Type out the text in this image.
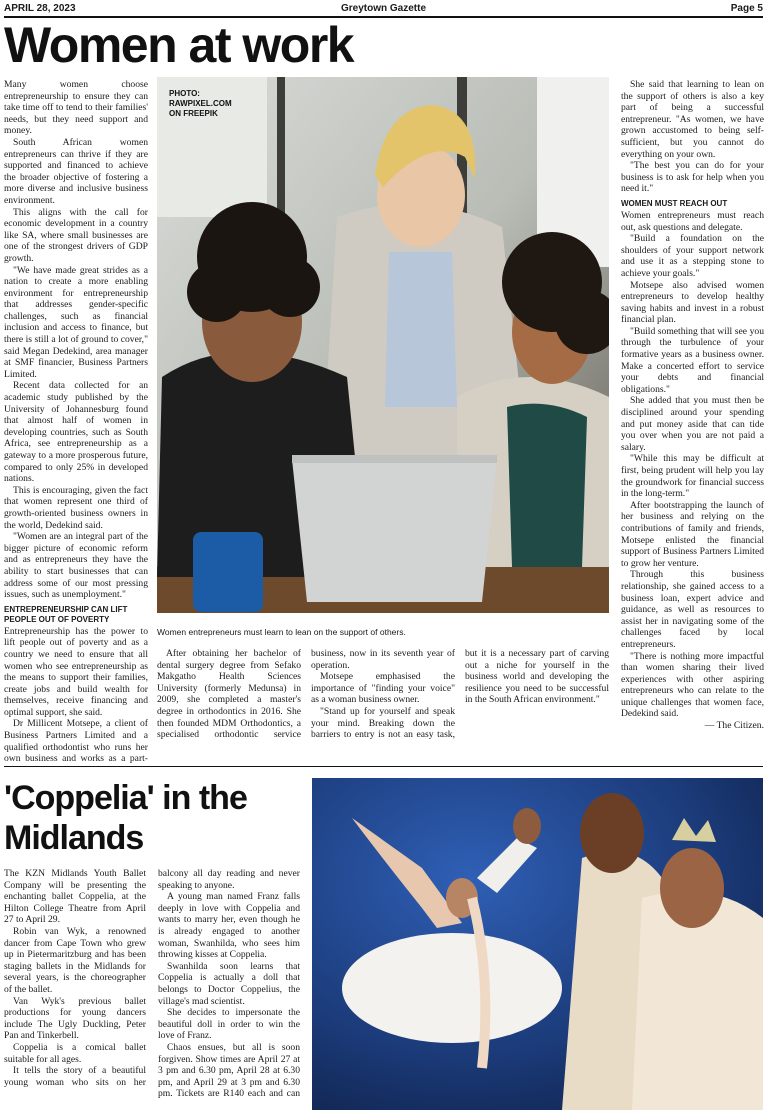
APRIL 28, 2023	Greytown Gazette	Page 5
Women at work
PHOTO:
RAWPIXEL.COM
ON FREEPIK
Women entrepreneurs must learn to lean on the support of others.

Many women choose entrepreneurship to ensure they can take time off to tend to their families' needs, but they need support and money.

South African women entrepreneurs can thrive if they are supported and financed to achieve the broader objective of fostering a more diverse and inclusive business environment.

This aligns with the call for economic development in a country like SA, where small businesses are one of the strongest drivers of GDP growth.

"We have made great strides as a nation to create a more enabling environment for entrepreneurship that addresses gender-specific challenges, such as financial inclusion and access to finance, but there is still a lot of ground to cover," said Megan Dedekind, area manager at SMF financier, Business Partners Limited.

Recent data collected for an academic study published by the University of Johannesburg found that almost half of women in developing countries, such as South Africa, see entrepreneurship as a gateway to a more prosperous future, compared to only 25% in developed nations.

This is encouraging, given the fact that women represent one third of growth-oriented business owners in the world, Dedekind said.

"Women are an integral part of the bigger picture of economic reform and as entrepreneurs they have the ability to start businesses that can address some of our most pressing issues, such as unemployment."

ENTREPRENEURSHIP CAN LIFT PEOPLE OUT OF POVERTY

Entrepreneurship has the power to lift people out of poverty and as a country we need to ensure that all women who see entrepreneurship as the means to support their families, create jobs and build wealth for themselves, receive financing and optimal support, she said.

Dr Millicent Motsepe, a client of Business Partners Limited and a qualified orthodontist who runs her own business and works as a part-

After obtaining her bachelor of dental surgery degree from Sefako Makgatho Health Sciences University (formerly Medunsa) in 2009, she completed a master's degree in orthodontics in 2016. She then founded MDM Orthodontics, a specialised orthodontic service business, now in its seventh year of operation.

Motsepe emphasised the importance of "finding your voice" as a woman business owner.

"Stand up for yourself and speak your mind. Breaking down the barriers to entry is not an easy task, but it is a necessary part of carving out a niche for yourself in the business world and developing the resilience you need to be successful in the South African environment."

She said that learning to lean on the support of others is also a key part of being a successful entrepreneur. "As women, we have grown accustomed to being self-sufficient, but you cannot do everything on your own.

"The best you can do for your business is to ask for help when you need it."

WOMEN MUST REACH OUT

Women entrepreneurs must reach out, ask questions and delegate.

"Build a foundation on the shoulders of your support network and use it as a stepping stone to achieve your goals."

Motsepe also advised women entrepreneurs to develop healthy saving habits and invest in a robust financial plan.

"Build something that will see you through the turbulence of your formative years as a business owner. Make a concerted effort to service your debts and financial obligations."

She added that you must then be disciplined around your spending and put money aside that can tide you over when you are not paid a salary.

"While this may be difficult at first, being prudent will help you lay the groundwork for financial success in the long-term."

After bootstrapping the launch of her business and relying on the contributions of family and friends, Motsepe enlisted the financial support of Business Partners Limited to grow her venture.

Through this business relationship, she gained access to a business loan, expert advice and guidance, as well as resources to assist her in navigating some of the challenges faced by local entrepreneurs.

"There is nothing more impactful than women sharing their lived experiences with other aspiring entrepreneurs who can relate to the unique challenges that women face, Dedekind said.

— The Citizen.

'Coppelia' in the Midlands

The KZN Midlands Youth Ballet Company will be presenting the enchanting ballet Coppelia, at the Hilton College Theatre from April 27 to April 29.

Robin van Wyk, a renowned dancer from Cape Town who grew up in Pietermaritzburg and has been staging ballets in the Midlands for several years, is the choreographer of the ballet.

Van Wyk's previous ballet productions for young dancers include The Ugly Duckling, Peter Pan and Tinkerbell.

Coppelia is a comical ballet suitable for all ages.

It tells the story of a beautiful young woman who sits on her balcony all day reading and never speaking to anyone.

A young man named Franz falls deeply in love with Coppelia and wants to marry her, even though he is already engaged to another woman, Swanhilda, who sees him throwing kisses at Coppelia.

Swanhilda soon learns that Coppelia is actually a doll that belongs to Doctor Coppelius, the village's mad scientist.

She decides to impersonate the beautiful doll in order to win the love of Franz.

Chaos ensues, but all is soon forgiven. Show times are April 27 at 3 pm and 6.30 pm, April 28 at 6.30 pm, and April 29 at 3 pm and 6.30 pm. Tickets are R140 each and can
